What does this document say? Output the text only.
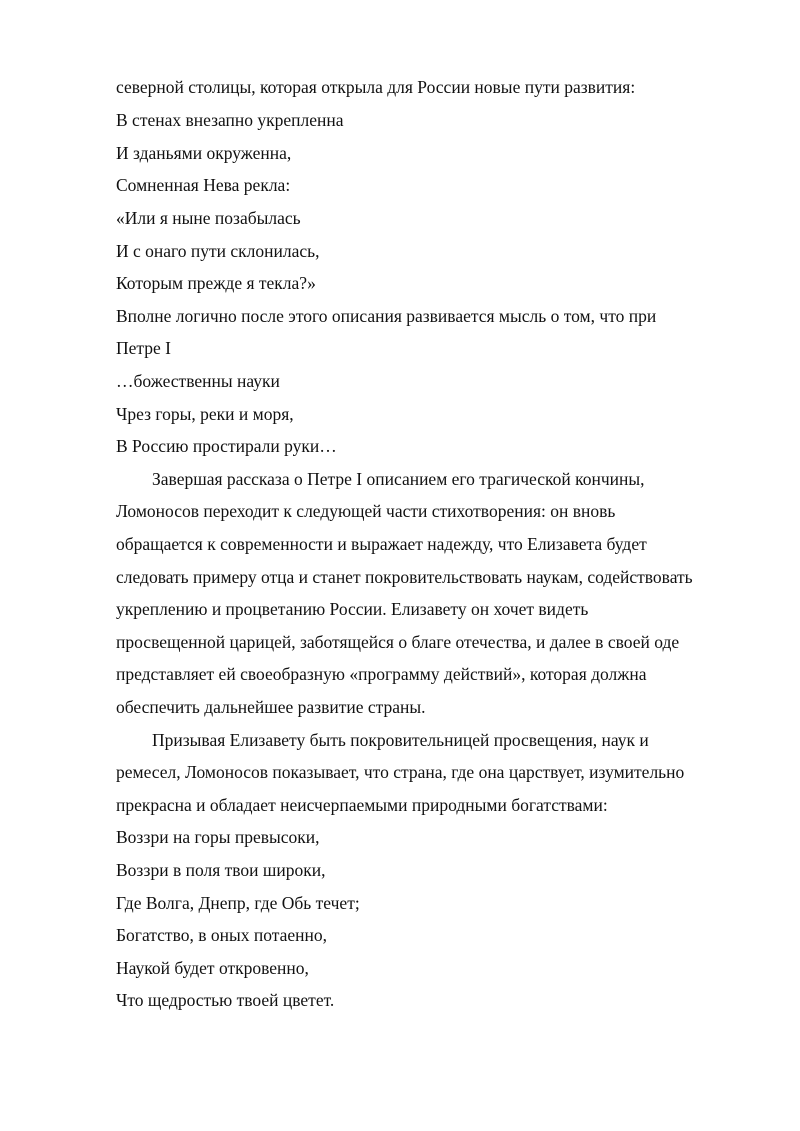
северной столицы, которая открыла для России новые пути развития:
В стенах внезапно укрепленна
И зданьями окруженна,
Сомненная Нева рекла:
«Или я ныне позабылась
И с онаго пути склонилась,
Которым прежде я текла?»
Вполне логично после этого описания развивается мысль о том, что при
Петре I
…божественны науки
Чрез горы, реки и моря,
В Россию простирали руки…
Завершая рассказа о Петре I описанием его трагической кончины,
Ломоносов переходит к следующей части стихотворения: он вновь
обращается к современности и выражает надежду, что Елизавета будет
следовать примеру отца и станет покровительствовать наукам, содействовать
укреплению и процветанию России. Елизавету он хочет видеть
просвещенной царицей, заботящейся о благе отечества, и далее в своей оде
представляет ей своеобразную «программу действий», которая должна
обеспечить дальнейшее развитие страны.
Призывая Елизавету быть покровительницей просвещения, наук и
ремесел, Ломоносов показывает, что страна, где она царствует, изумительно
прекрасна и обладает неисчерпаемыми природными богатствами:
Воззри на горы превысоки,
Воззри в поля твои широки,
Где Волга, Днепр, где Обь течет;
Богатство, в оных потаенно,
Наукой будет откровенно,
Что щедростью твоей цветет.
